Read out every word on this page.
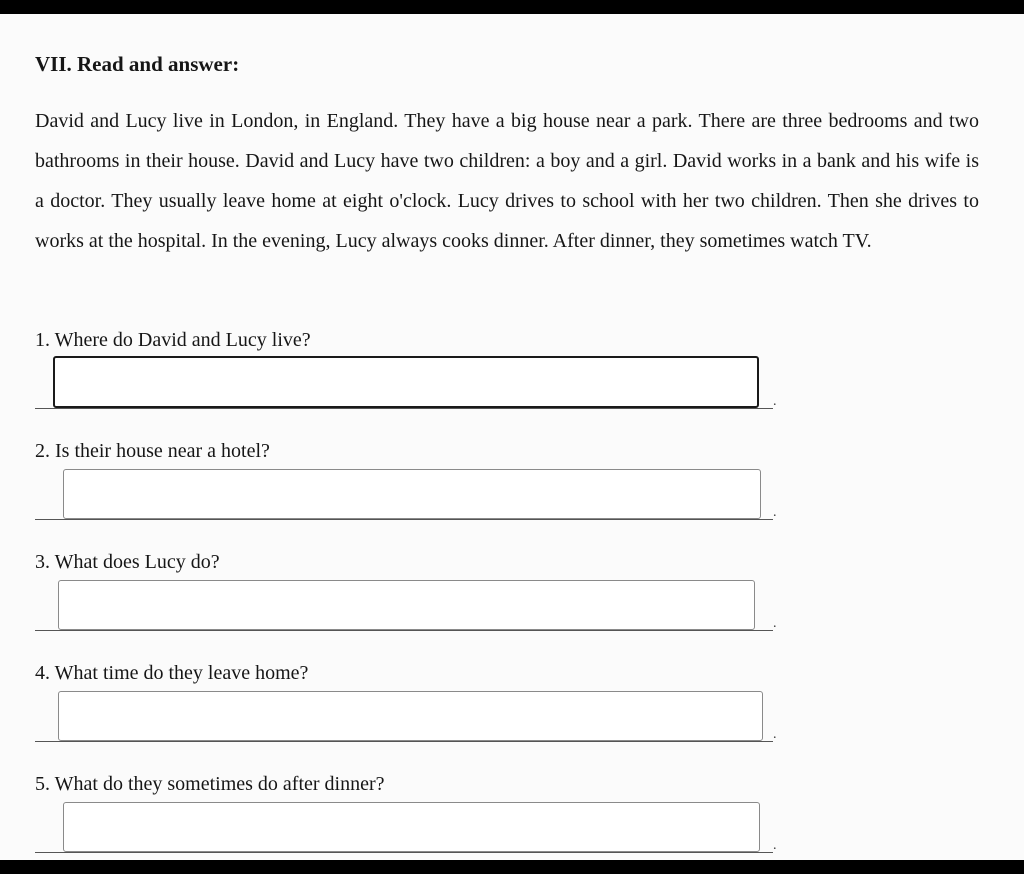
VII. Read and answer:

David and Lucy live in London, in England. They have a big house near a park. There are three bedrooms and two bathrooms in their house. David and Lucy have two children: a boy and a girl. David works in a bank and his wife is a doctor. They usually leave home at eight o'clock. Lucy drives to school with her two children. Then she drives to works at the hospital. In the evening, Lucy always cooks dinner. After dinner, they sometimes watch TV.

1. Where do David and Lucy live?

.

2. Is their house near a hotel?

.

3. What does Lucy do?

.

4. What time do they leave home?

.

5. What do they sometimes do after dinner?

.
